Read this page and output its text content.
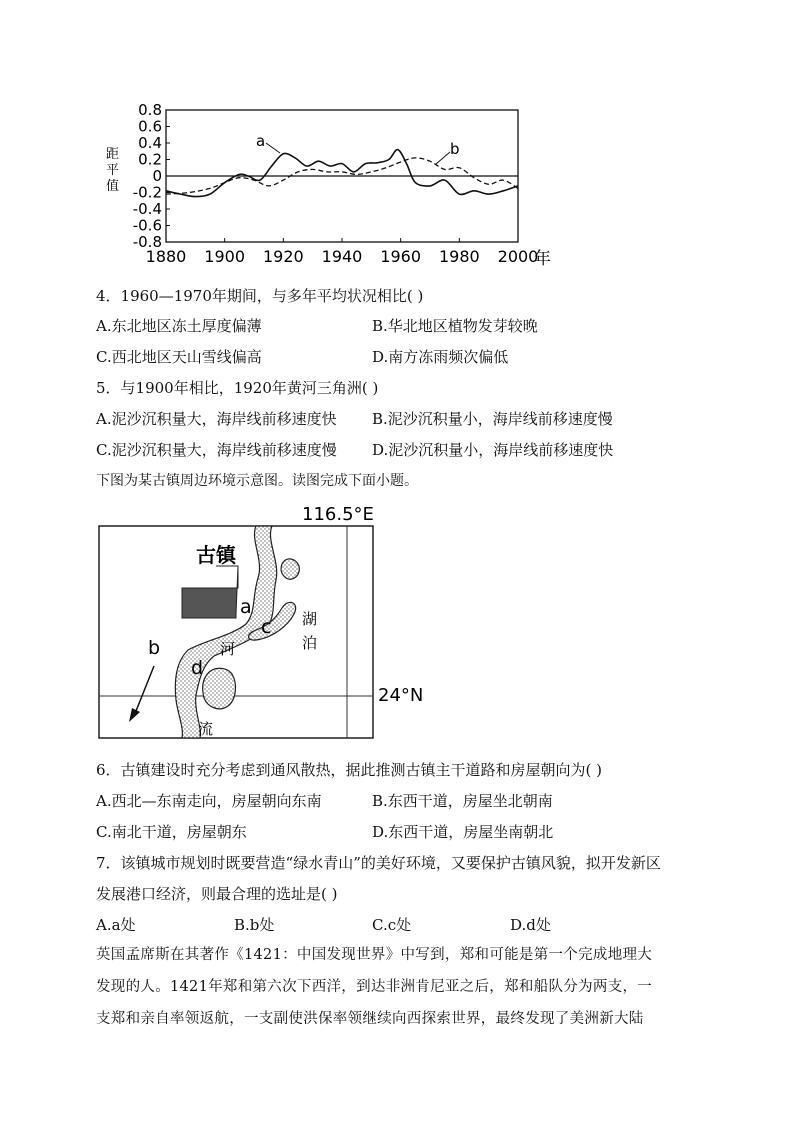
0.8
0.6
0.4
0.2
0
-0.2
-0.4
-0.6
-0.8
1880 1900 1920 1940 1960 1980 2000
a	b
距
平
值
年
4．1960—1970年期间，与多年平均状况相比( )
A.东北地区冻土厚度偏薄	B.华北地区植物发芽较晚
C.西北地区天山雪线偏高	D.南方冻雨频次偏低
5．与1900年相比，1920年黄河三角洲( )
A.泥沙沉积量大，海岸线前移速度快 B.泥沙沉积量小，海岸线前移速度慢
C.泥沙沉积量大，海岸线前移速度慢 D.泥沙沉积量小，海岸线前移速度快
下图为某古镇周边环境示意图。读图完成下面小题。
116.5°E
24°N
古镇
a
b
c
d
河
流
湖
泊
6．古镇建设时充分考虑到通风散热，据此推测古镇主干道路和房屋朝向为( )
A.西北—东南走向，房屋朝向东南	B.东西干道，房屋坐北朝南
C.南北干道，房屋朝东	D.东西干道，房屋坐南朝北
7．该镇城市规划时既要营造“绿水青山”的美好环境，又要保护古镇风貌，拟开发新区
发展港口经济，则最合理的选址是( )
A.a处	B.b处	C.c处	D.d处
英国孟席斯在其著作《1421：中国发现世界》中写到，郑和可能是第一个完成地理大
发现的人。1421年郑和第六次下西洋，到达非洲肯尼亚之后，郑和船队分为两支，一
支郑和亲自率领返航，一支副使洪保率领继续向西探索世界，最终发现了美洲新大陆
